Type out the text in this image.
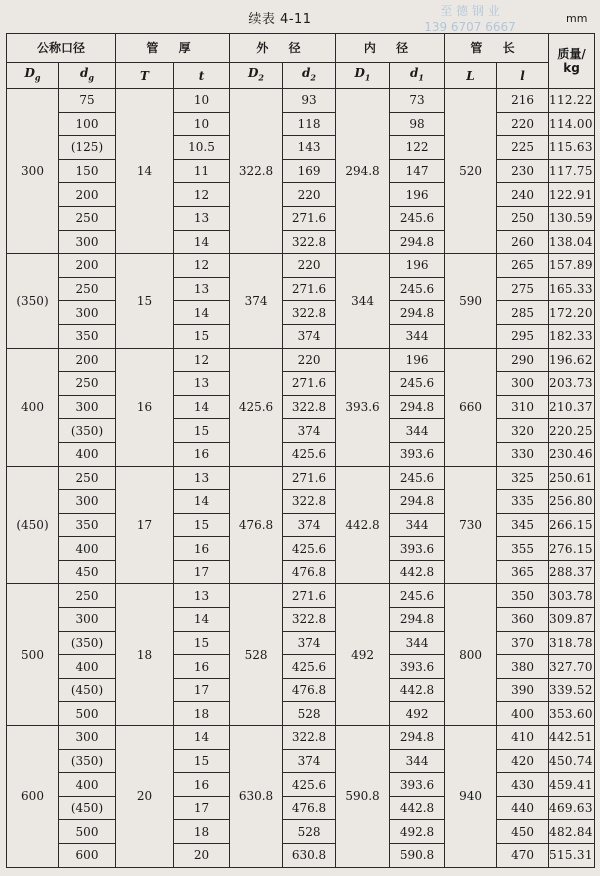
续表 4-11	mm
至 德 钢 业
139 6707 6667
公称口径		管 厚		外 径		内 径		管 长		质量/
kg
$D_g$	$d_g$	T	t	$D_2$	$d_2$	$D_1$	$d_1$	L	l	
300	75	14	10	322.8	93	294.8	73	520	216	112.22
	100		10		118		98		220	114.00
	(125)		10.5		143		122		225	115.63
	150		11		169		147		230	117.75
	200		12		220		196		240	122.91
	250		13		271.6		245.6		250	130.59
	300		14		322.8		294.8		260	138.04
(350)	200	15	12	374	220	344	196	590	265	157.89
	250		13		271.6		245.6		275	165.33
	300		14		322.8		294.8		285	172.20
	350		15		374		344		295	182.33
400	200	16	12	425.6	220	393.6	196	660	290	196.62
	250		13		271.6		245.6		300	203.73
	300		14		322.8		294.8		310	210.37
	(350)		15		374		344		320	220.25
	400		16		425.6		393.6		330	230.46
(450)	250	17	13	476.8	271.6	442.8	245.6	730	325	250.61
	300		14		322.8		294.8		335	256.80
	350		15		374		344		345	266.15
	400		16		425.6		393.6		355	276.15
	450		17		476.8		442.8		365	288.37
500	250	18	13	528	271.6	492	245.6	800	350	303.78
	300		14		322.8		294.8		360	309.87
	(350)		15		374		344		370	318.78
	400		16		425.6		393.6		380	327.70
	(450)		17		476.8		442.8		390	339.52
	500		18		528		492		400	353.60
600	300	20	14	630.8	322.8	590.8	294.8	940	410	442.51
	(350)		15		374		344		420	450.74
	400		16		425.6		393.6		430	459.41
	(450)		17		476.8		442.8		440	469.63
	500		18		528		492.8		450	482.84
	600		20		630.8		590.8		470	515.31
